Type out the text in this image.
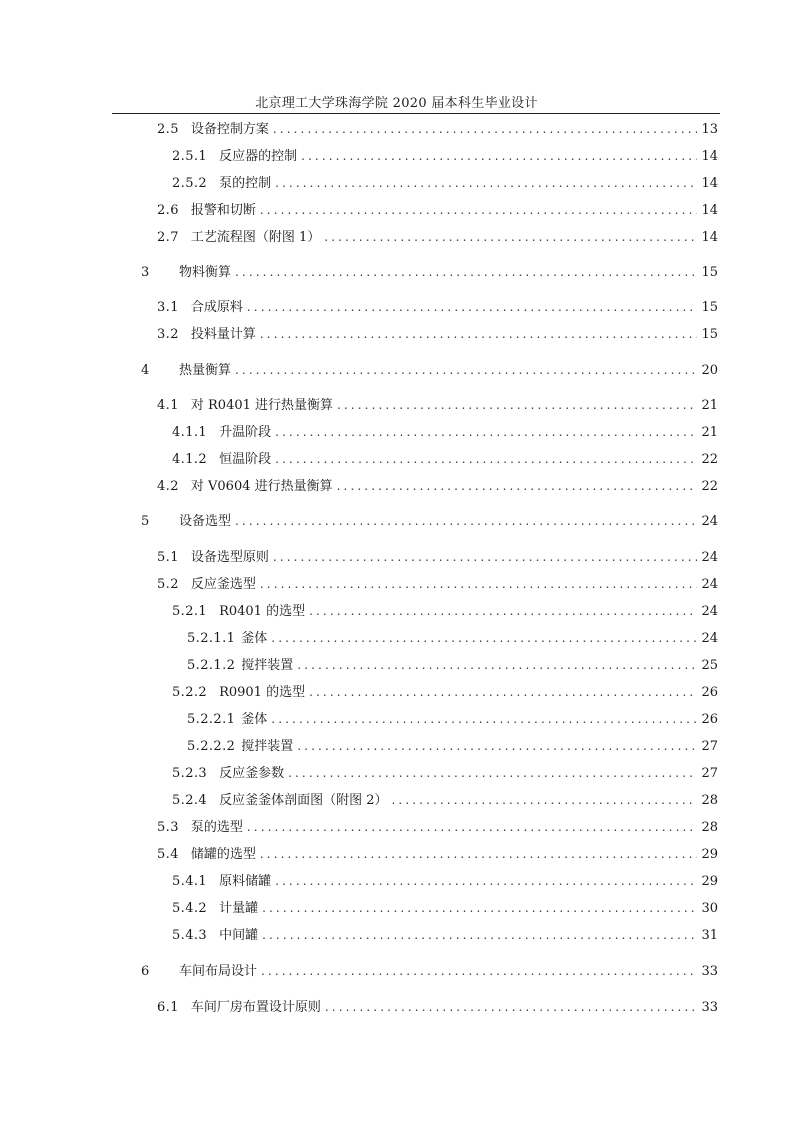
北京理工大学珠海学院 2020 届本科生毕业设计
2.5 设备控制方案 .....	13
2.5.1 反应器的控制 .....	14
2.5.2 泵的控制 .....	14
2.6 报警和切断 .....	14
2.7 工艺流程图（附图 1） .....	14
3	物料衡算 .....	15
3.1 合成原料 .....	15
3.2 投料量计算 .....	15
4	热量衡算 .....	20
4.1 对 R0401 进行热量衡算 .....	21
4.1.1 升温阶段 .....	21
4.1.2 恒温阶段 .....	22
4.2 对 V0604 进行热量衡算 .....	22
5	设备选型 .....	24
5.1 设备选型原则 .....	24
5.2 反应釜选型 .....	24
5.2.1 R0401 的选型 .....	24
5.2.1.1 釜体 .....	24
5.2.1.2 搅拌装置 .....	25
5.2.2 R0901 的选型 .....	26
5.2.2.1 釜体 .....	26
5.2.2.2 搅拌装置 .....	27
5.2.3 反应釜参数 .....	27
5.2.4 反应釜釜体剖面图（附图 2） .....	28
5.3 泵的选型 .....	28
5.4 储罐的选型 .....	29
5.4.1 原料储罐 .....	29
5.4.2 计量罐 .....	30
5.4.3 中间罐 .....	31
6	车间布局设计 .....	33
6.1 车间厂房布置设计原则 .....	33
